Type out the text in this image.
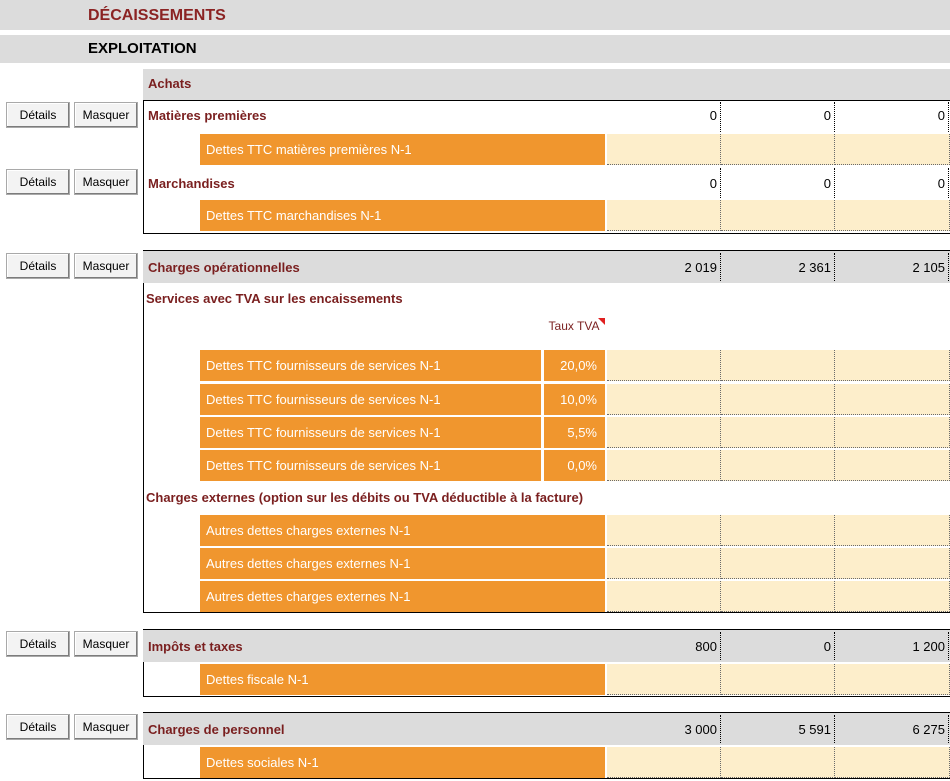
DÉCAISSEMENTS
EXPLOITATION
Achats
Détails	Masquer	Matières premières	0	0	0
Dettes TTC matières premières N-1
Détails	Masquer	Marchandises	0	0	0
Dettes TTC marchandises N-1
Détails	Masquer	Charges opérationnelles	2 019	2 361	2 105
Services avec TVA sur les encaissements
Taux TVA
Dettes TTC fournisseurs de services N-1	20,0%
Dettes TTC fournisseurs de services N-1	10,0%
Dettes TTC fournisseurs de services N-1	5,5%
Dettes TTC fournisseurs de services N-1	0,0%
Charges externes (option sur les débits ou TVA déductible à la facture)
Autres dettes charges externes N-1
Autres dettes charges externes N-1
Autres dettes charges externes N-1
Détails	Masquer	Impôts et taxes	800	0	1 200
Dettes fiscale N-1
Détails	Masquer	Charges de personnel	3 000	5 591	6 275
Dettes sociales N-1
